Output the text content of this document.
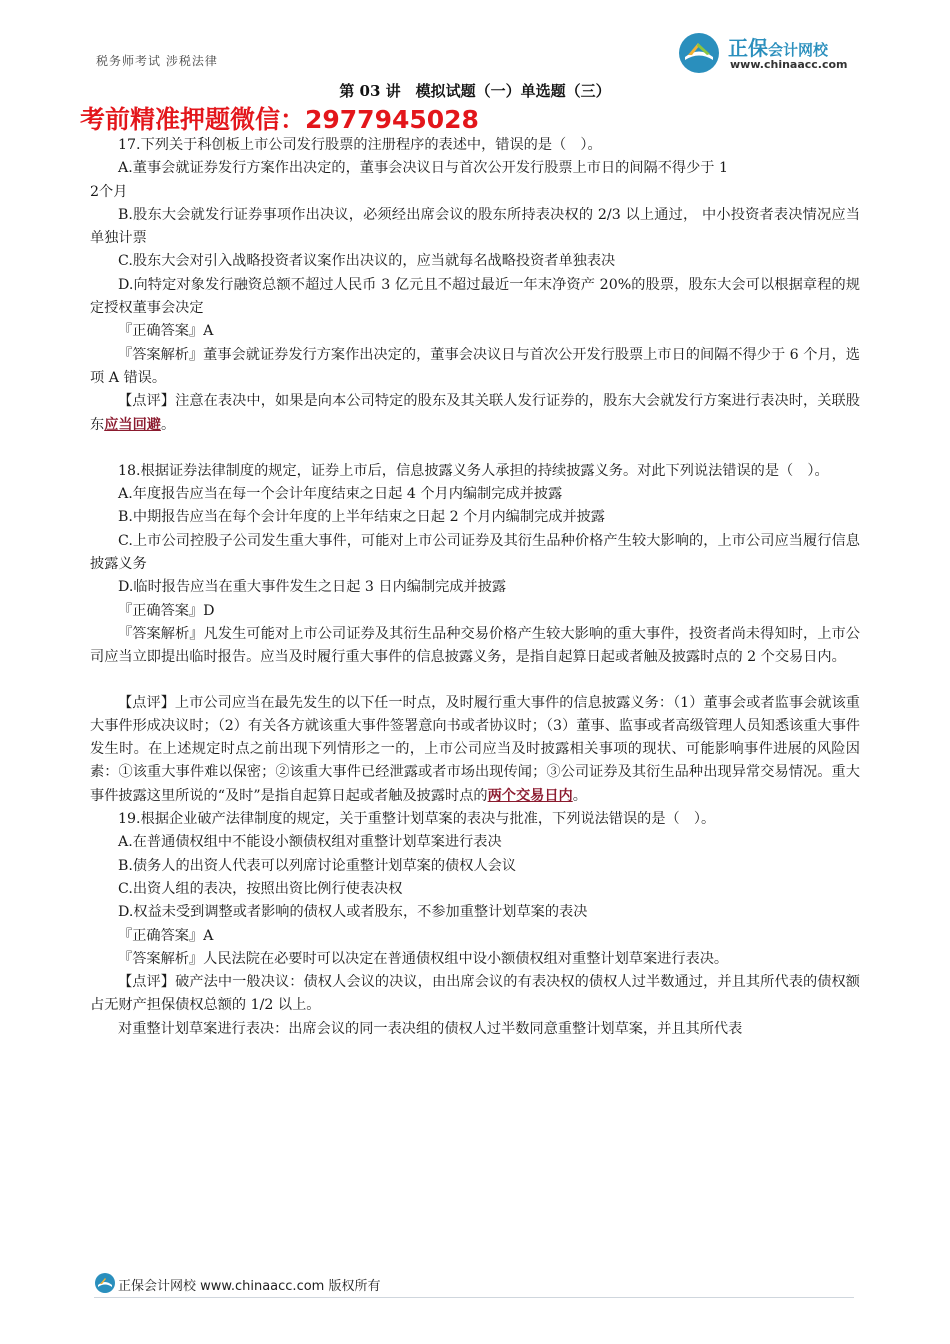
税务师考试 涉税法律
正保会计网校
www.chinaacc.com
第 03 讲　模拟试题（一）单选题（三）
考前精准押题微信：2977945028

17.下列关于科创板上市公司发行股票的注册程序的表述中，错误的是（　）。

A.董事会就证券发行方案作出决定的，董事会决议日与首次公开发行股票上市日的间隔不得少于 1

2个月

B.股东大会就发行证券事项作出决议，必须经出席会议的股东所持表决权的 2/3 以上通过， 中小投资者表决情况应当单独计票

C.股东大会对引入战略投资者议案作出决议的，应当就每名战略投资者单独表决

D.向特定对象发行融资总额不超过人民币 3 亿元且不超过最近一年末净资产 20%的股票，股东大会可以根据章程的规定授权董事会决定

『正确答案』A

『答案解析』董事会就证券发行方案作出决定的，董事会决议日与首次公开发行股票上市日的间隔不得少于 6 个月，选项 A 错误。

【点评】注意在表决中，如果是向本公司特定的股东及其关联人发行证券的，股东大会就发行方案进行表决时，关联股东应当回避。

18.根据证券法律制度的规定，证券上市后，信息披露义务人承担的持续披露义务。对此下列说法错误的是（　）。

A.年度报告应当在每一个会计年度结束之日起 4 个月内编制完成并披露

B.中期报告应当在每个会计年度的上半年结束之日起 2 个月内编制完成并披露

C.上市公司控股子公司发生重大事件，可能对上市公司证券及其衍生品种价格产生较大影响的，上市公司应当履行信息披露义务

D.临时报告应当在重大事件发生之日起 3 日内编制完成并披露

『正确答案』D

『答案解析』凡发生可能对上市公司证券及其衍生品种交易价格产生较大影响的重大事件，投资者尚未得知时，上市公司应当立即提出临时报告。应当及时履行重大事件的信息披露义务，是指自起算日起或者触及披露时点的 2 个交易日内。

【点评】上市公司应当在最先发生的以下任一时点，及时履行重大事件的信息披露义务：（1）董事会或者监事会就该重大事件形成决议时；（2）有关各方就该重大事件签署意向书或者协议时；（3）董事、监事或者高级管理人员知悉该重大事件发生时。在上述规定时点之前出现下列情形之一的，上市公司应当及时披露相关事项的现状、可能影响事件进展的风险因素：①该重大事件难以保密；②该重大事件已经泄露或者市场出现传闻；③公司证券及其衍生品种出现异常交易情况。重大事件披露这里所说的“及时”是指自起算日起或者触及披露时点的两个交易日内。

19.根据企业破产法律制度的规定，关于重整计划草案的表决与批准，下列说法错误的是（　）。

A.在普通债权组中不能设小额债权组对重整计划草案进行表决

B.债务人的出资人代表可以列席讨论重整计划草案的债权人会议

C.出资人组的表决，按照出资比例行使表决权

D.权益未受到调整或者影响的债权人或者股东，不参加重整计划草案的表决

『正确答案』A

『答案解析』人民法院在必要时可以决定在普通债权组中设小额债权组对重整计划草案进行表决。

【点评】破产法中一般决议：债权人会议的决议，由出席会议的有表决权的债权人过半数通过，并且其所代表的债权额占无财产担保债权总额的 1/2 以上。

对重整计划草案进行表决：出席会议的同一表决组的债权人过半数同意重整计划草案，并且其所代表

正保会计网校 www.chinaacc.com 版权所有
